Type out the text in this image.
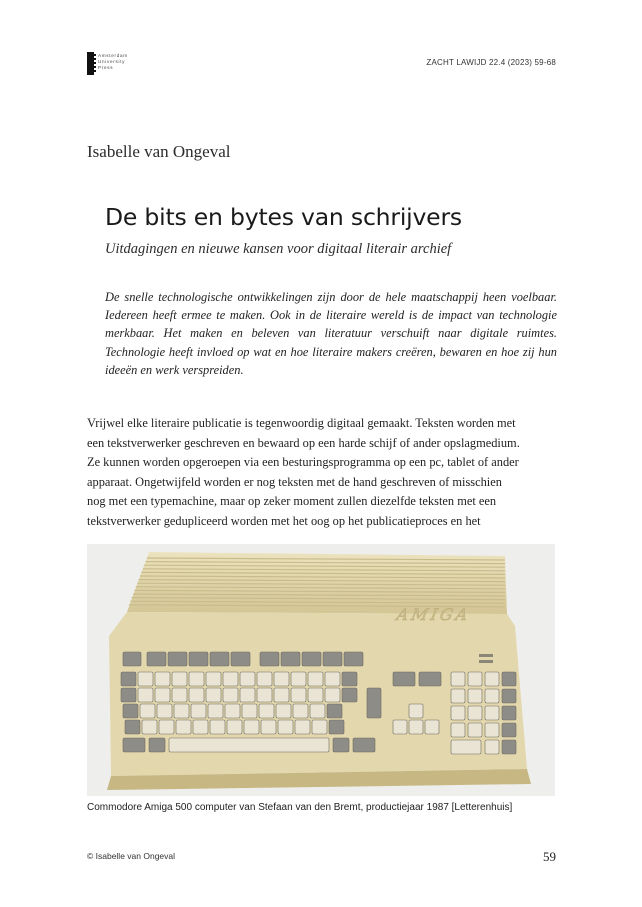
Amsterdam
University
Press
ZACHT LAWIJD 22.4 (2023) 59-68
Isabelle van Ongeval
De bits en bytes van schrijvers
Uitdagingen en nieuwe kansen voor digitaal literair archief
De snelle technologische ontwikkelingen zijn door de hele maatschappij heen voelbaar. Iedereen heeft ermee te maken. Ook in de literaire wereld is de impact van technologie merkbaar. Het maken en beleven van literatuur verschuift naar digitale ruimtes. Technologie heeft invloed op wat en hoe literaire makers creëren, bewaren en hoe zij hun ideeën en werk verspreiden.
Vrijwel elke literaire publicatie is tegenwoordig digitaal gemaakt. Teksten worden met
een tekstverwerker geschreven en bewaard op een harde schijf of ander opslagmedium.
Ze kunnen worden opgeroepen via een besturingsprogramma op een pc, tablet of ander
apparaat. Ongetwijfeld worden er nog teksten met de hand geschreven of misschien
nog met een typemachine, maar op zeker moment zullen diezelfde teksten met een
tekstverwerker gedupliceerd worden met het oog op het publicatieproces en het
AMIGA
Commodore Amiga 500 computer van Stefaan van den Bremt, productiejaar 1987 [Letterenhuis]
© Isabelle van Ongeval	59
